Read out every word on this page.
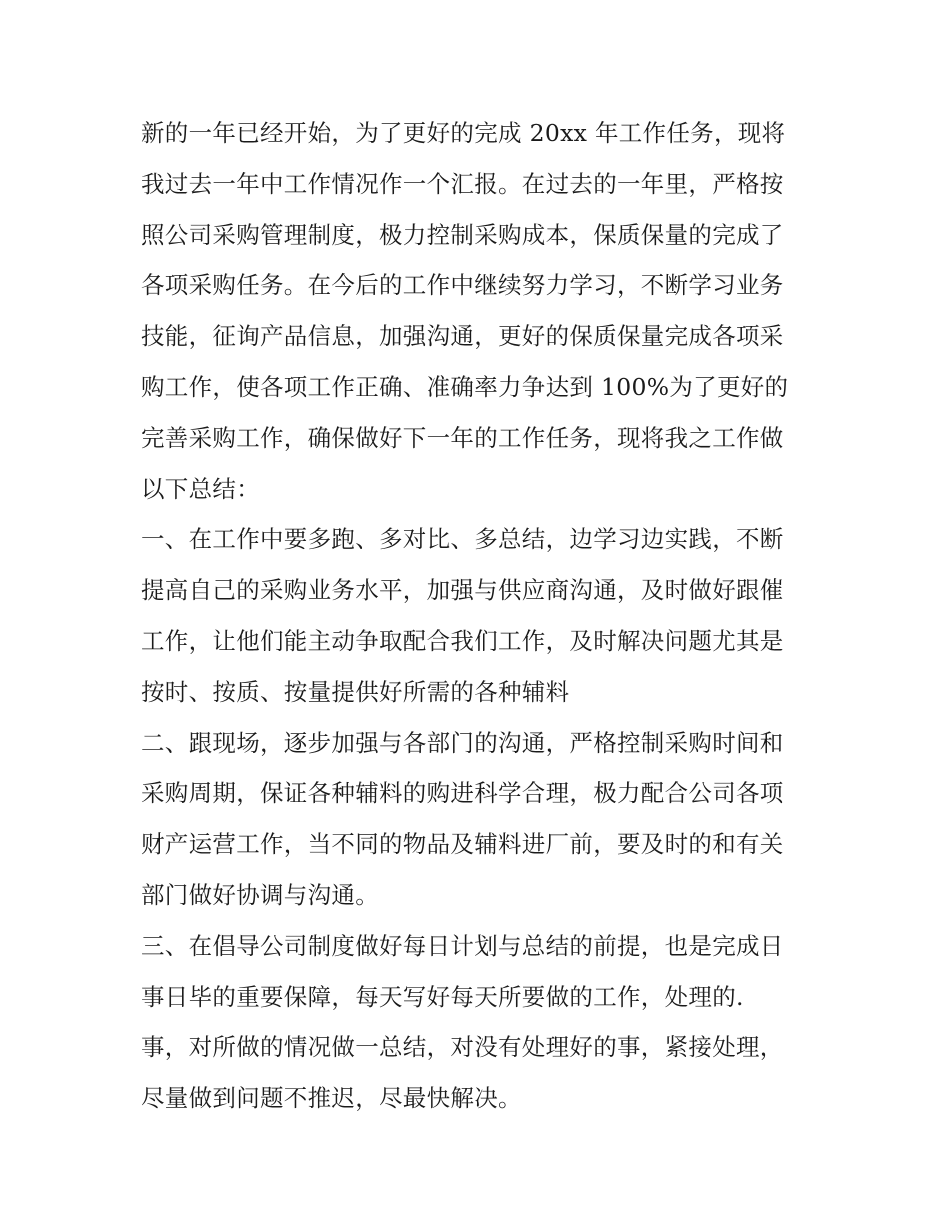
新的一年已经开始，为了更好的完成 20xx 年工作任务，现将
我过去一年中工作情况作一个汇报。在过去的一年里，严格按
照公司采购管理制度，极力控制采购成本，保质保量的完成了
各项采购任务。在今后的工作中继续努力学习，不断学习业务
技能，征询产品信息，加强沟通，更好的保质保量完成各项采
购工作，使各项工作正确、准确率力争达到 100%为了更好的
完善采购工作，确保做好下一年的工作任务，现将我之工作做
以下总结：
一、在工作中要多跑、多对比、多总结，边学习边实践，不断
提高自己的采购业务水平，加强与供应商沟通，及时做好跟催
工作，让他们能主动争取配合我们工作，及时解决问题尤其是
按时、按质、按量提供好所需的各种辅料
二、跟现场，逐步加强与各部门的沟通，严格控制采购时间和
采购周期，保证各种辅料的购进科学合理，极力配合公司各项
财产运营工作，当不同的物品及辅料进厂前，要及时的和有关
部门做好协调与沟通。
三、在倡导公司制度做好每日计划与总结的前提，也是完成日
事日毕的重要保障，每天写好每天所要做的工作，处理的.
事，对所做的情况做一总结，对没有处理好的事，紧接处理，
尽量做到问题不推迟，尽最快解决。
